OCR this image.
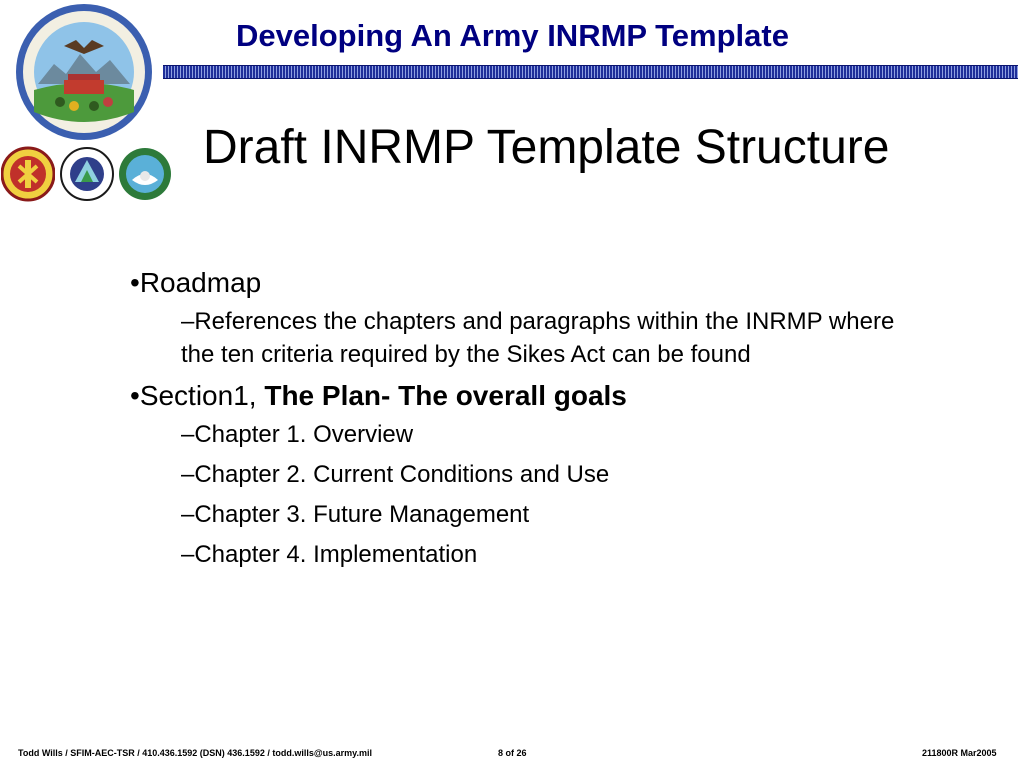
Developing An Army INRMP Template
Draft INRMP Template Structure
•Roadmap
–References the chapters and paragraphs within the INRMP where the ten criteria required by the Sikes Act can be found
•Section1, The Plan- The overall goals
–Chapter 1. Overview
–Chapter 2. Current Conditions and Use
–Chapter 3. Future Management
–Chapter 4. Implementation
Todd Wills / SFIM-AEC-TSR / 410.436.1592 (DSN) 436.1592 / todd.wills@us.army.mil	8 of 26	211800R Mar2005
